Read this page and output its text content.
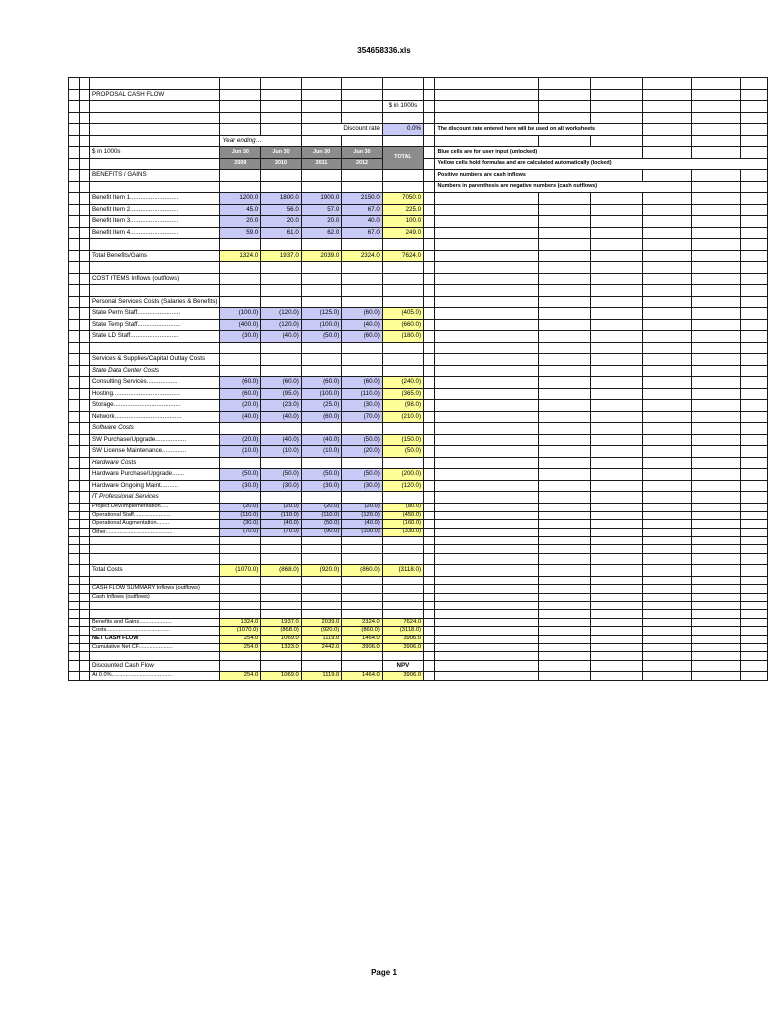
354658336.xls

		PROPOSAL CASH FLOW												
							$ in 1000s							

					Discount rate		0.0%		The discount rate entered here will be used on all worksheets					
			Year ending…											
		$ in 1000s	Jun 30	Jun 30	Jun 30	Jun 30	TOTAL		Blue cells are for user input (unlocked)					
			2009	2010	2011	2012			Yellow cells hold formulas and are calculated automatically (locked)					
		BENEFITS / GAINS							Positive numbers are cash inflows					
									Numbers in parenthesis are negative numbers (cash outflows)					
		Benefit Item 1............................	1200.0	1800.0	1900.0	2150.0	7050.0							
		Benefit Item 2............................	45.0	56.0	57.0	67.0	225.0							
		Benefit Item 3............................	20.0	20.0	20.0	40.0	100.0							
		Benefit Item 4............................	59.0	61.0	62.0	67.0	249.0							

		Total Benefits/Gains	1324.0	1937.0	2039.0	2324.0	7624.0							

		COST ITEMS Inflows (outflows)												

		Personal Services Costs (Salaries & Benefits)												
		State Perm Staff.........................	(100.0)	(120.0)	(125.0)	(60.0)	(405.0)							
		State Temp Staff.........................	(400.0)	(120.0)	(100.0)	(40.0)	(660.0)							
		State LD Staff............................	(30.0)	(40.0)	(50.0)	(60.0)	(180.0)							

		Services & Supplies/Capital Outlay Costs												
		State Data Center Costs												
		Consulting Services..................	(60.0)	(60.0)	(60.0)	(60.0)	(240.0)							
		Hosting.......................................	(60.0)	(95.0)	(100.0)	(110.0)	(365.0)							
		Storage.......................................	(20.0)	(23.0)	(25.0)	(30.0)	(98.0)							
		Network.......................................	(40.0)	(40.0)	(60.0)	(70.0)	(210.0)							
		Software Costs												
		SW Purchase/Upgrade..................	(20.0)	(40.0)	(40.0)	(50.0)	(150.0)							
		SW License Maintenance..............	(10.0)	(10.0)	(10.0)	(20.0)	(50.0)							
		Hardware Costs												
		Hardware Purchase/Upgrade.......	(50.0)	(50.0)	(50.0)	(50.0)	(200.0)							
		Hardware Ongoing Maint..........	(30.0)	(30.0)	(30.0)	(30.0)	(120.0)							
		IT Professional Services												
		Project Dev/Implementation.....	(20.0)	(20.0)	(20.0)	(20.0)	(80.0)							
		Operational Staff........................	(110.0)	(110.0)	(110.0)	(120.0)	(450.0)							
		Operational Augmentation........	(30.0)	(40.0)	(50.0)	(40.0)	(160.0)							
		Other...........................................	(70.0)	(70.0)	(90.0)	(100.0)	(330.0)							

		Total Costs	(1070.0)	(868.0)	(920.0)	(860.0)	(3118.0)							

		CASH FLOW SUMMARY Inflows (outflows)												
		Cash Inflows (outflows)												

		Benefits and Gains.....................	1324.0	1937.0	2039.0	2324.0	7624.0							
		Costs.........................................	(1070.0)	(868.0)	(920.0)	(860.0)	(3118.0)							
		NET CASH FLOW	254.0	1069.0	1119.0	1464.0	3906.0							
		Cumulative Net CF......................	254.0	1323.0	2442.0	3906.0	3906.0							

		Discounted Cash Flow					NPV							
		At 0.0%.......................................	254.0	1069.0	1119.0	1464.0	3906.0							
Page 1
